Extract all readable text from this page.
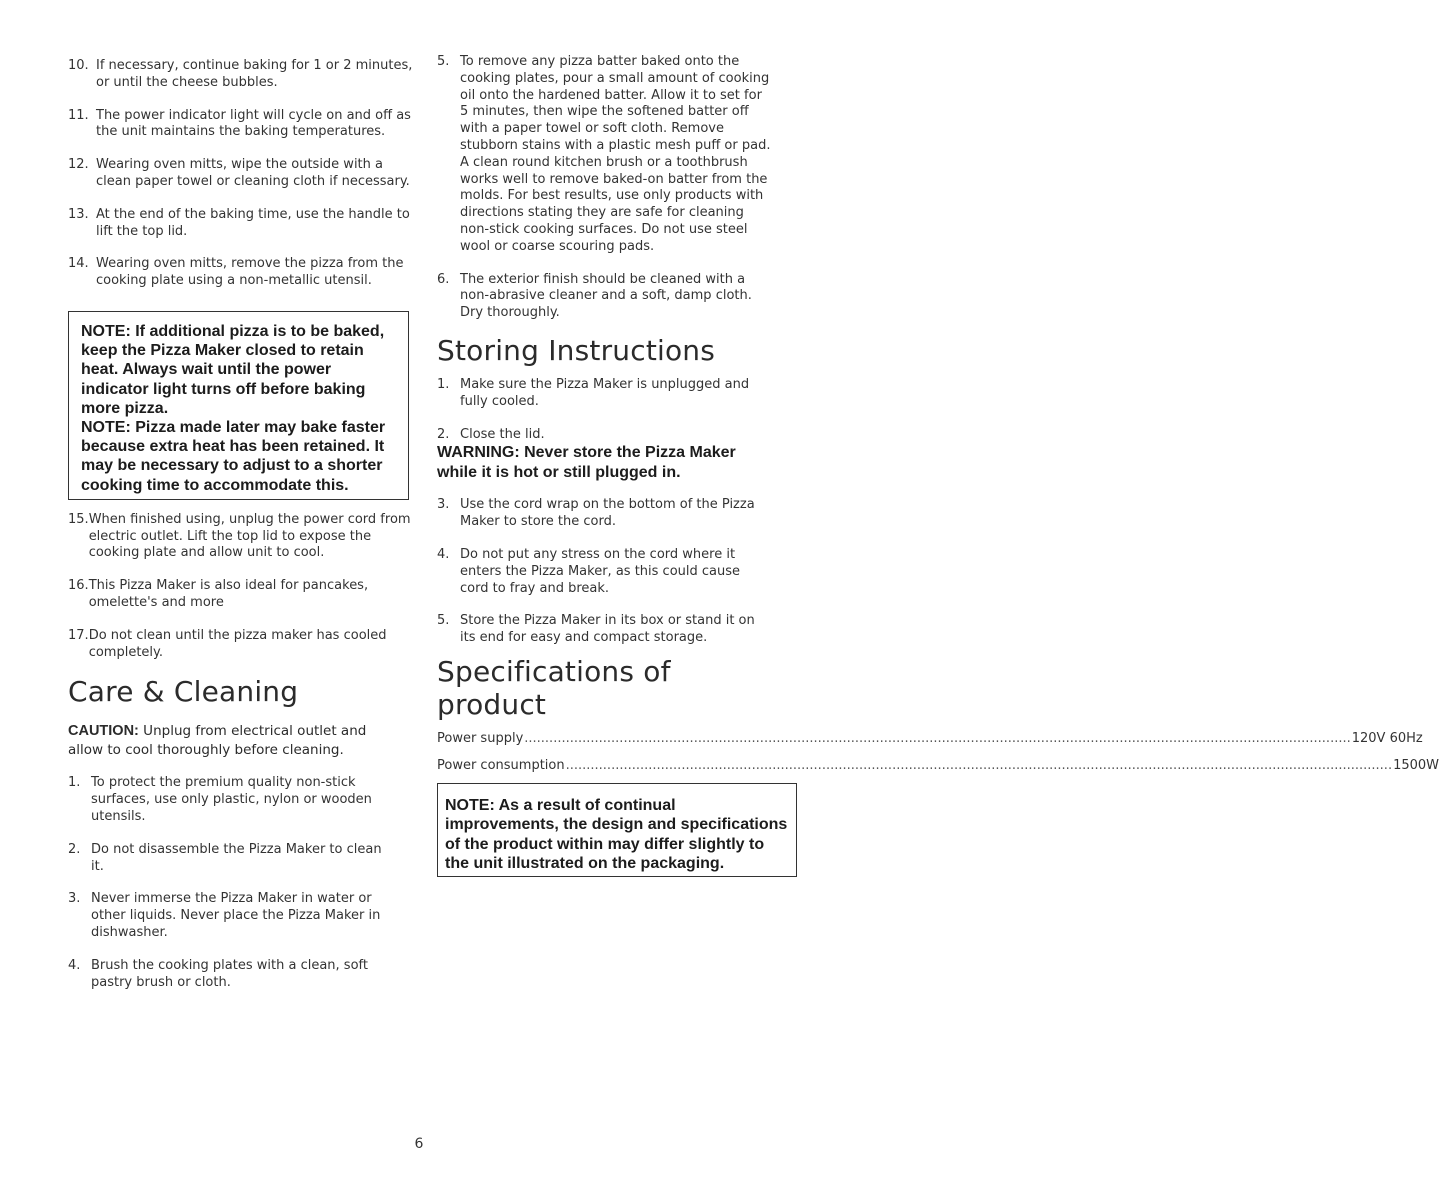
10. If necessary, continue baking for 1 or 2 minutes, or until the cheese bubbles.
11. The power indicator light will cycle on and off as the unit maintains the baking temperatures.
12. Wearing oven mitts, wipe the outside with a clean paper towel or cleaning cloth if necessary.
13. At the end of the baking time, use the handle to lift the top lid.
14. Wearing oven mitts, remove the pizza from the cooking plate using a non-metallic utensil.
NOTE: If additional pizza is to be baked, keep the Pizza Maker closed to retain heat. Always wait until the power indicator light turns off before baking more pizza.
NOTE: Pizza made later may bake faster because extra heat has been retained. It may be necessary to adjust to a shorter cooking time to accommodate this.
15. When finished using, unplug the power cord from electric outlet. Lift the top lid to expose the cooking plate and allow unit to cool.
16. This Pizza Maker is also ideal for pancakes, omelette's and more
17. Do not clean until the pizza maker has cooled completely.
Care & Cleaning
CAUTION: Unplug from electrical outlet and allow to cool thoroughly before cleaning.
1. To protect the premium quality non-stick surfaces, use only plastic, nylon or wooden utensils.
2. Do not disassemble the Pizza Maker to clean it.
3. Never immerse the Pizza Maker in water or other liquids. Never place the Pizza Maker in dishwasher.
4. Brush the cooking plates with a clean, soft pastry brush or cloth.
5. To remove any pizza batter baked onto the cooking plates, pour a small amount of cooking oil onto the hardened batter. Allow it to set for 5 minutes, then wipe the softened batter off with a paper towel or soft cloth. Remove stubborn stains with a plastic mesh puff or pad. A clean round kitchen brush or a toothbrush works well to remove baked-on batter from the molds. For best results, use only products with directions stating they are safe for cleaning non-stick cooking surfaces. Do not use steel wool or coarse scouring pads.
6. The exterior finish should be cleaned with a non-abrasive cleaner and a soft, damp cloth. Dry thoroughly.
Storing Instructions
1. Make sure the Pizza Maker is unplugged and fully cooled.
2. Close the lid.
WARNING: Never store the Pizza Maker while it is hot or still plugged in.
3. Use the cord wrap on the bottom of the Pizza Maker to store the cord.
4. Do not put any stress on the cord where it enters the Pizza Maker, as this could cause cord to fray and break.
5. Store the Pizza Maker in its box or stand it on its end for easy and compact storage.
Specifications of product
Power supply ........................................................................................................................................................................................................ 120V 60Hz
Power consumption ........................................................................................................................................................................................................ 1500W
NOTE: As a result of continual improvements, the design and specifications of the product within may differ slightly to the unit illustrated on the packaging.
6
